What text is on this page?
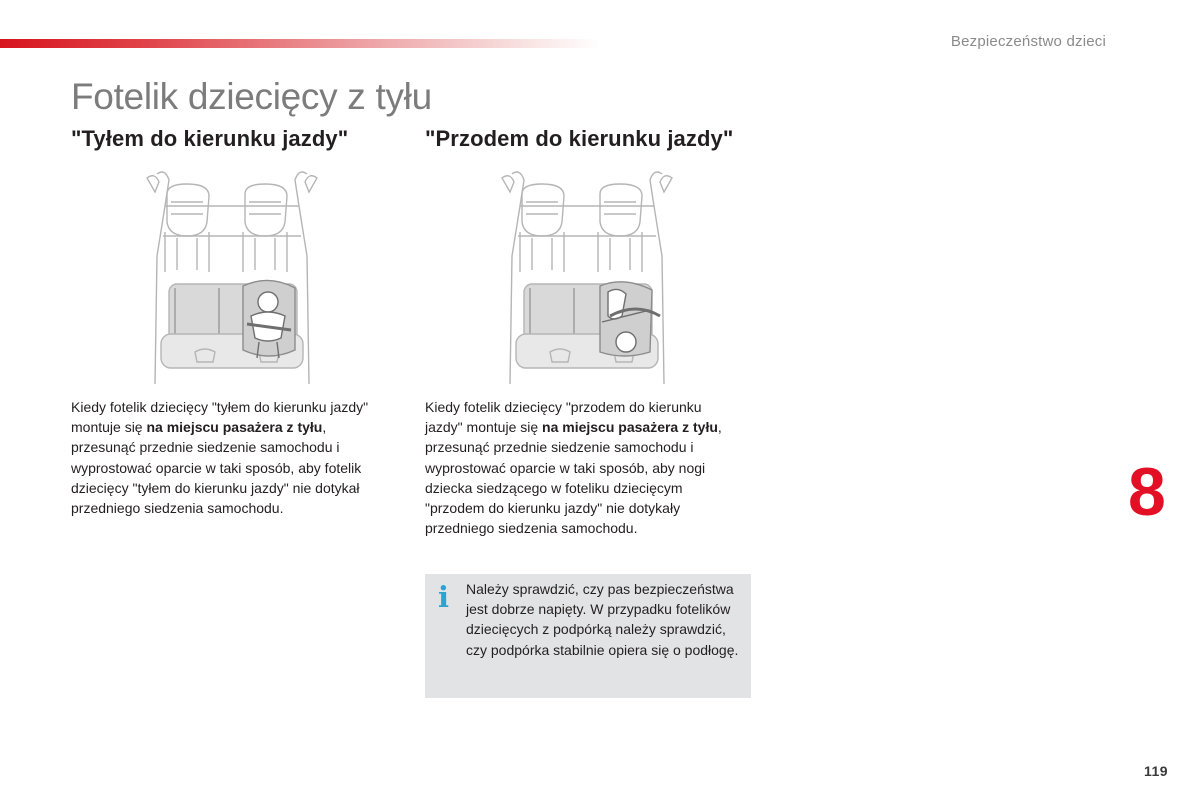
Bezpieczeństwo dzieci
Fotelik dziecięcy z tyłu
"Tyłem do kierunku jazdy"

Kiedy fotelik dziecięcy "tyłem do kierunku jazdy" montuje się na miejscu pasażera z tyłu, przesunąć przednie siedzenie samochodu i wyprostować oparcie w taki sposób, aby fotelik dziecięcy "tyłem do kierunku jazdy" nie dotykał przedniego siedzenia samochodu.

"Przodem do kierunku jazdy"

Kiedy fotelik dziecięcy "przodem do kierunku jazdy" montuje się na miejscu pasażera z tyłu, przesunąć przednie siedzenie samochodu i wyprostować oparcie w taki sposób, aby nogi dziecka siedzącego w foteliku dziecięcym "przodem do kierunku jazdy" nie dotykały przedniego siedzenia samochodu.

i Należy sprawdzić, czy pas bezpieczeństwa jest dobrze napięty. W przypadku fotelików dziecięcych z podpórką należy sprawdzić, czy podpórka stabilnie opiera się o podłogę.

8
119
